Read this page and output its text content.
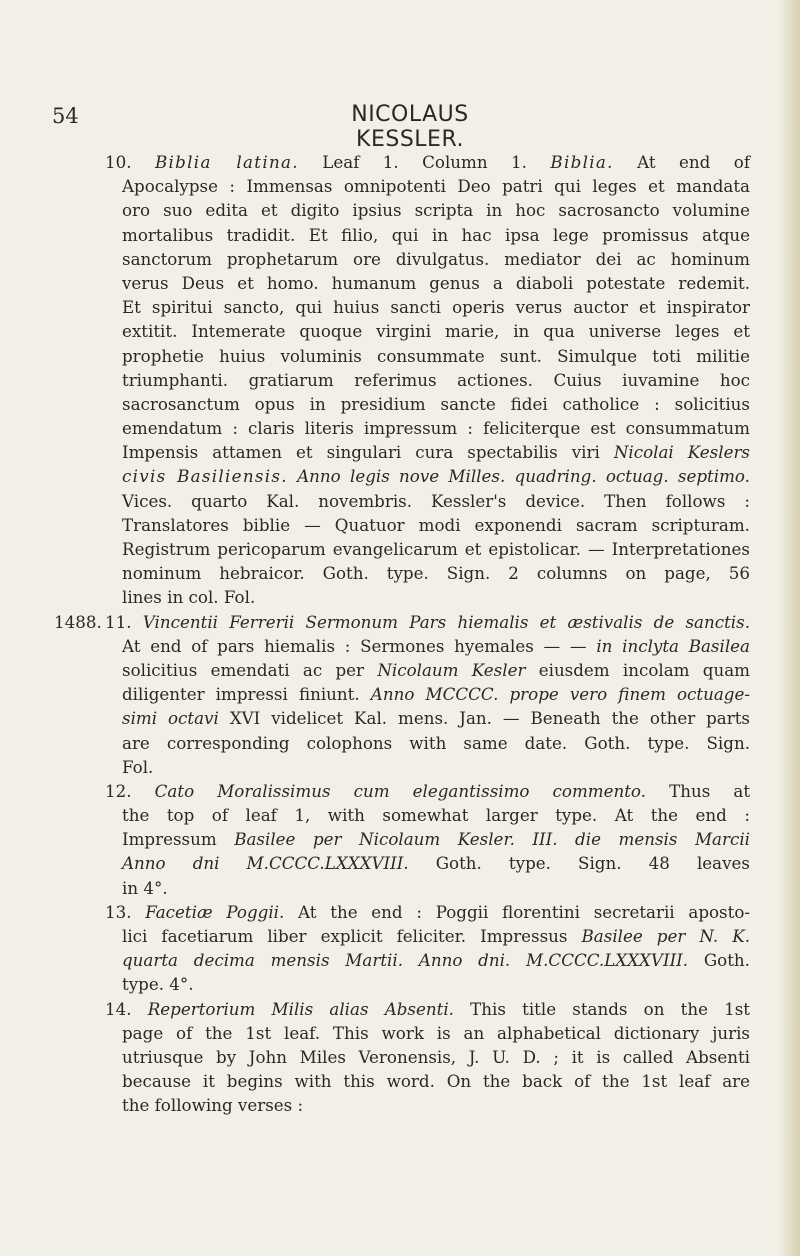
54	NICOLAUS KESSLER.
10. Biblia latina. Leaf 1. Column 1. Biblia. At end of
Apocalypse : Immensas omnipotenti Deo patri qui leges et mandata
oro suo edita et digito ipsius scripta in hoc sacrosancto volumine
mortalibus tradidit. Et filio, qui in hac ipsa lege promissus atque
sanctorum prophetarum ore divulgatus. mediator dei ac hominum
verus Deus et homo. humanum genus a diaboli potestate redemit.
Et spiritui sancto, qui huius sancti operis verus auctor et inspirator
extitit. Intemerate quoque virgini marie, in qua universe leges et
prophetie huius voluminis consummate sunt. Simulque toti militie
triumphanti. gratiarum referimus actiones. Cuius iuvamine hoc
sacrosanctum opus in presidium sancte fidei catholice : solicitius
emendatum : claris literis impressum : feliciterque est consummatum
Impensis attamen et singulari cura spectabilis viri Nicolai Keslers
civis Basiliensis. Anno legis nove Milles. quadring. octuag. septimo.
Vices. quarto Kal. novembris. Kessler's device. Then follows :
Translatores biblie — Quatuor modi exponendi sacram scripturam.
Registrum pericoparum evangelicarum et epistolicar. — Interpretationes
nominum hebraicor. Goth. type. Sign. 2 columns on page, 56
lines in col. Fol.
1488. 11. Vincentii Ferrerii Sermonum Pars hiemalis et æstivalis de sanctis.
At end of pars hiemalis : Sermones hyemales — — in inclyta Basilea
solicitius emendati ac per Nicolaum Kesler eiusdem incolam quam
diligenter impressi finiunt. Anno MCCCC. prope vero finem octuage-
simi octavi XVI videlicet Kal. mens. Jan. — Beneath the other parts
are corresponding colophons with same date. Goth. type. Sign.
Fol.
12. Cato Moralissimus cum elegantissimo commento. Thus at
the top of leaf 1, with somewhat larger type. At the end :
Impressum Basilee per Nicolaum Kesler. III. die mensis Marcii
Anno dni M.CCCC.LXXXVIII. Goth. type. Sign. 48 leaves
in 4°.
13. Facetiæ Poggii. At the end : Poggii florentini secretarii aposto-
lici facetiarum liber explicit feliciter. Impressus Basilee per N. K.
quarta decima mensis Martii. Anno dni. M.CCCC.LXXXVIII. Goth.
type. 4°.
14. Repertorium Milis alias Absenti. This title stands on the 1st
page of the 1st leaf. This work is an alphabetical dictionary juris
utriusque by John Miles Veronensis, J. U. D. ; it is called Absenti
because it begins with this word. On the back of the 1st leaf are
the following verses :
